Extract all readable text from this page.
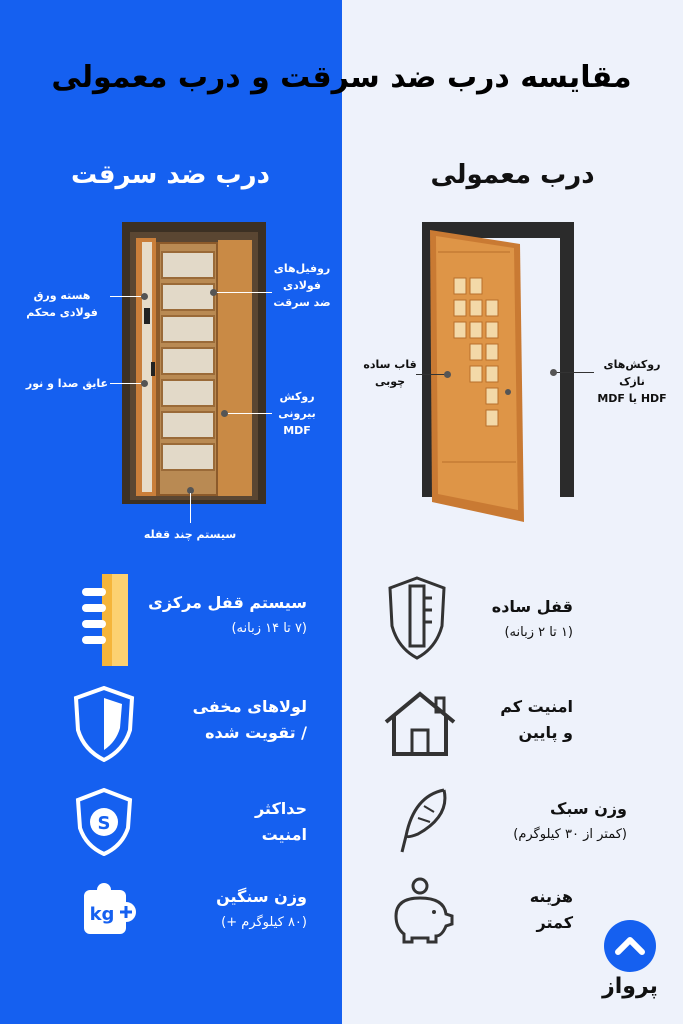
مقایسه درب ضد سرقت و درب معمولی
درب ضد سرقت	درب معمولی
هسته ورق
فولادی محکم
عایق صدا و نور
روفیل‌های
فولادی
ضد سرقت
روکش
بیرونی
MDF
سیستم چند قفله
قاب ساده
چوبی
روکش‌های نازک
HDF یا MDF
سیستم قفل مرکزی
(۷ تا ۱۴ زبانه)
لولاهای مخفی
/ تقویت شده
S
حداکثر
امنیت
kg
وزن سنگین
(۸۰ کیلوگرم +)
قفل ساده
(۱ تا ۲ زبانه)
امنیت کم
و پایین
وزن سبک
(کمتر از ۳۰ کیلوگرم)
هزینه
کمتر
پرواز
